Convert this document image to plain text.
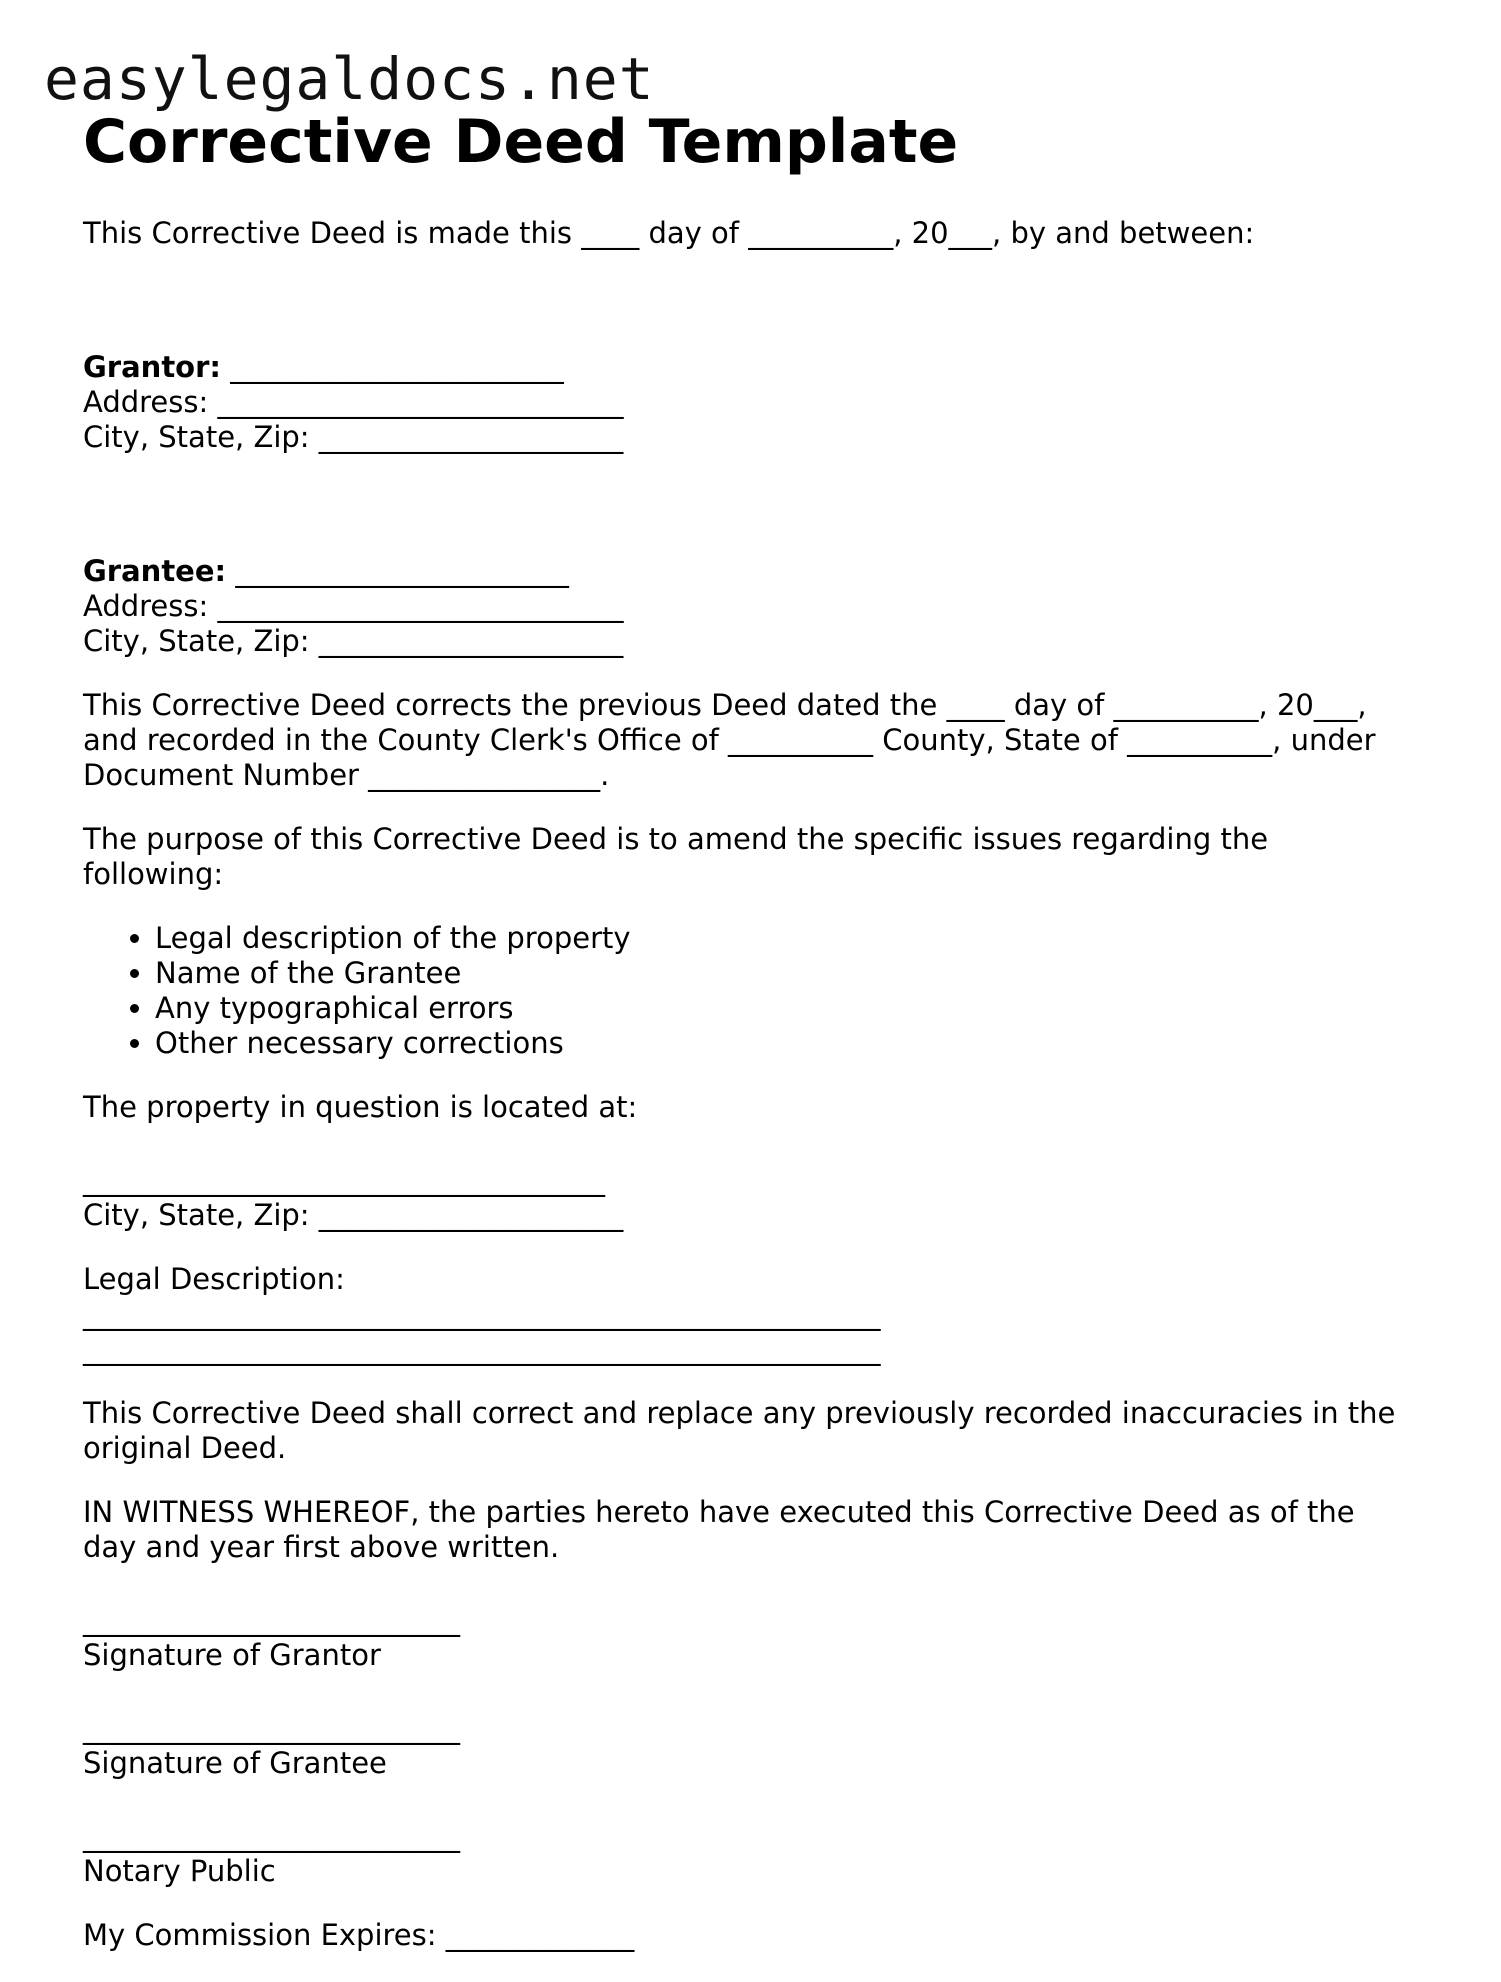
easylegaldocs.net
Corrective Deed Template

This Corrective Deed is made this ____ day of __________, 20___, by and between:

Grantor: _______________________
Address: ____________________________
City, State, Zip: _____________________

Grantee: _______________________
Address: ____________________________
City, State, Zip: _____________________

This Corrective Deed corrects the previous Deed dated the ____ day of __________, 20___,
and recorded in the County Clerk's Office of __________ County, State of __________, under
Document Number ________________.

The purpose of this Corrective Deed is to amend the specific issues regarding the
following:

• Legal description of the property
• Name of the Grantee
• Any typographical errors
• Other necessary corrections

The property in question is located at:

____________________________________
City, State, Zip: _____________________

Legal Description:
_______________________________________________________
_______________________________________________________

This Corrective Deed shall correct and replace any previously recorded inaccuracies in the
original Deed.

IN WITNESS WHEREOF, the parties hereto have executed this Corrective Deed as of the
day and year first above written.

__________________________
Signature of Grantor

__________________________
Signature of Grantee

__________________________
Notary Public

My Commission Expires: _____________
